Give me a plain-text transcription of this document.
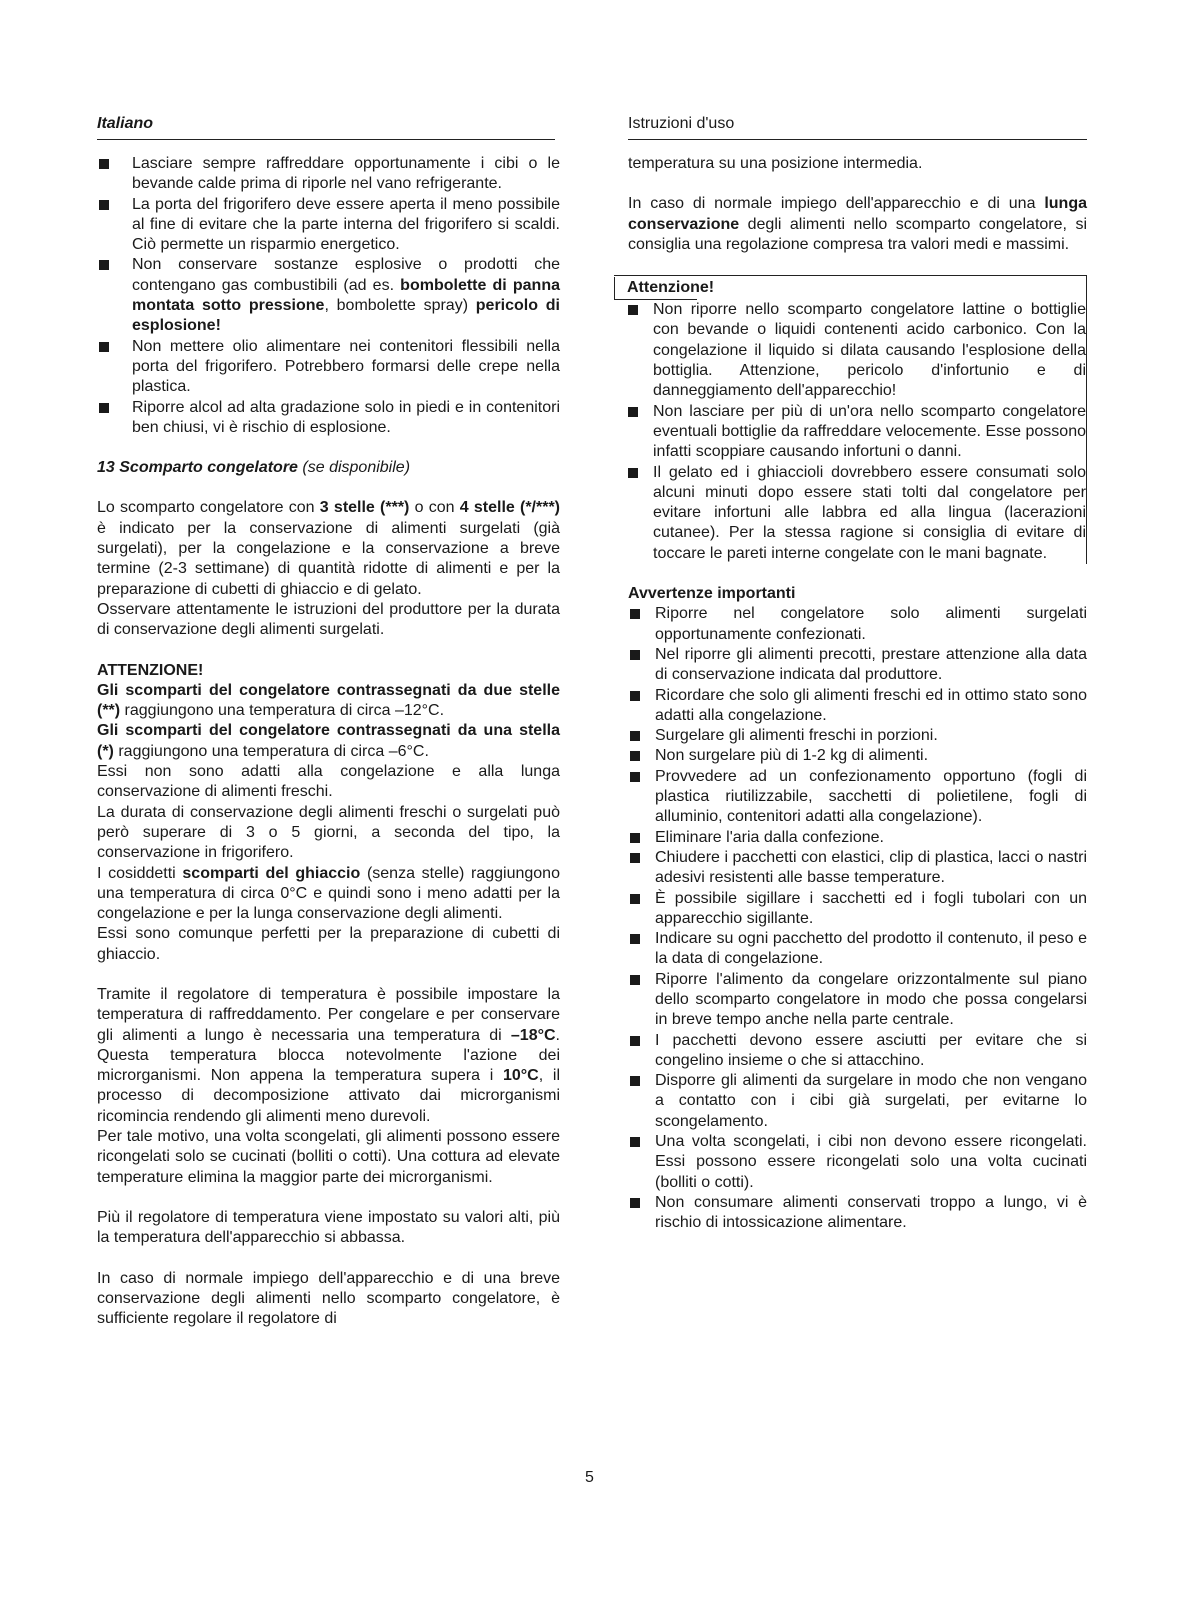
Italiano
Lasciare sempre raffreddare opportunamente i cibi o le bevande calde prima di riporle nel vano refrigerante.
La porta del frigorifero deve essere aperta il meno possibile al fine di evitare che la parte interna del frigorifero si scaldi. Ciò permette un risparmio energetico.
Non conservare sostanze esplosive o prodotti che contengano gas combustibili (ad es. bombolette di panna montata sotto pressione, bombolette spray) pericolo di esplosione!
Non mettere olio alimentare nei contenitori flessibili nella porta del frigorifero. Potrebbero formarsi delle crepe nella plastica.
Riporre alcol ad alta gradazione solo in piedi e in contenitori ben chiusi, vi è rischio di esplosione.

13 Scomparto congelatore (se disponibile)

Lo scomparto congelatore con 3 stelle (***) o con 4 stelle (*/***) è indicato per la conservazione di alimenti surgelati (già surgelati), per la congelazione e la conservazione a breve termine (2-3 settimane) di quantità ridotte di alimenti e per la preparazione di cubetti di ghiaccio e di gelato.

Osservare attentamente le istruzioni del produttore per la durata di conservazione degli alimenti surgelati.

ATTENZIONE!

Gli scomparti del congelatore contrassegnati da due stelle (**) raggiungono una temperatura di circa –12°C.

Gli scomparti del congelatore contrassegnati da una stella (*) raggiungono una temperatura di circa –6°C.

Essi non sono adatti alla congelazione e alla lunga conservazione di alimenti freschi.

La durata di conservazione degli alimenti freschi o surgelati può però superare di 3 o 5 giorni, a seconda del tipo, la conservazione in frigorifero.

I cosiddetti scomparti del ghiaccio (senza stelle) raggiungono una temperatura di circa 0°C e quindi sono i meno adatti per la congelazione e per la lunga conservazione degli alimenti.

Essi sono comunque perfetti per la preparazione di cubetti di ghiaccio.

Tramite il regolatore di temperatura è possibile impostare la temperatura di raffreddamento. Per congelare e per conservare gli alimenti a lungo è necessaria una temperatura di –18°C. Questa temperatura blocca notevolmente l'azione dei microrganismi. Non appena la temperatura supera i 10°C, il processo di decomposizione attivato dai microrganismi ricomincia rendendo gli alimenti meno durevoli.

Per tale motivo, una volta scongelati, gli alimenti possono essere ricongelati solo se cucinati (bolliti o cotti). Una cottura ad elevate temperature elimina la maggior parte dei microrganismi.

Più il regolatore di temperatura viene impostato su valori alti, più la temperatura dell'apparecchio si abbassa.

In caso di normale impiego dell'apparecchio e di una breve conservazione degli alimenti nello scomparto congelatore, è sufficiente regolare il regolatore di

Istruzioni d'uso

temperatura su una posizione intermedia.

In caso di normale impiego dell'apparecchio e di una lunga conservazione degli alimenti nello scomparto congelatore, si consiglia una regolazione compresa tra valori medi e massimi.

Attenzione!
Non riporre nello scomparto congelatore lattine o bottiglie con bevande o liquidi contenenti acido carbonico. Con la congelazione il liquido si dilata causando l'esplosione della bottiglia. Attenzione, pericolo d'infortunio e di danneggiamento dell'apparecchio!
Non lasciare per più di un'ora nello scomparto congelatore eventuali bottiglie da raffreddare velocemente. Esse possono infatti scoppiare causando infortuni o danni.
Il gelato ed i ghiaccioli dovrebbero essere consumati solo alcuni minuti dopo essere stati tolti dal congelatore per evitare infortuni alle labbra ed alla lingua (lacerazioni cutanee). Per la stessa ragione si consiglia di evitare di toccare le pareti interne congelate con le mani bagnate.

Avvertenze importanti

Riporre nel congelatore solo alimenti surgelati opportunamente confezionati.
Nel riporre gli alimenti precotti, prestare attenzione alla data di conservazione indicata dal produttore.
Ricordare che solo gli alimenti freschi ed in ottimo stato sono adatti alla congelazione.
Surgelare gli alimenti freschi in porzioni.
Non surgelare più di 1-2 kg di alimenti.
Provvedere ad un confezionamento opportuno (fogli di plastica riutilizzabile, sacchetti di polietilene, fogli di alluminio, contenitori adatti alla congelazione).
Eliminare l'aria dalla confezione.
Chiudere i pacchetti con elastici, clip di plastica, lacci o nastri adesivi resistenti alle basse temperature.
È possibile sigillare i sacchetti ed i fogli tubolari con un apparecchio sigillante.
Indicare su ogni pacchetto del prodotto il contenuto, il peso e la data di congelazione.
Riporre l'alimento da congelare orizzontalmente sul piano dello scomparto congelatore in modo che possa congelarsi in breve tempo anche nella parte centrale.
I pacchetti devono essere asciutti per evitare che si congelino insieme o che si attacchino.
Disporre gli alimenti da surgelare in modo che non vengano a contatto con i cibi già surgelati, per evitarne lo scongelamento.
Una volta scongelati, i cibi non devono essere ricongelati. Essi possono essere ricongelati solo una volta cucinati (bolliti o cotti).
Non consumare alimenti conservati troppo a lungo, vi è rischio di intossicazione alimentare.
5
